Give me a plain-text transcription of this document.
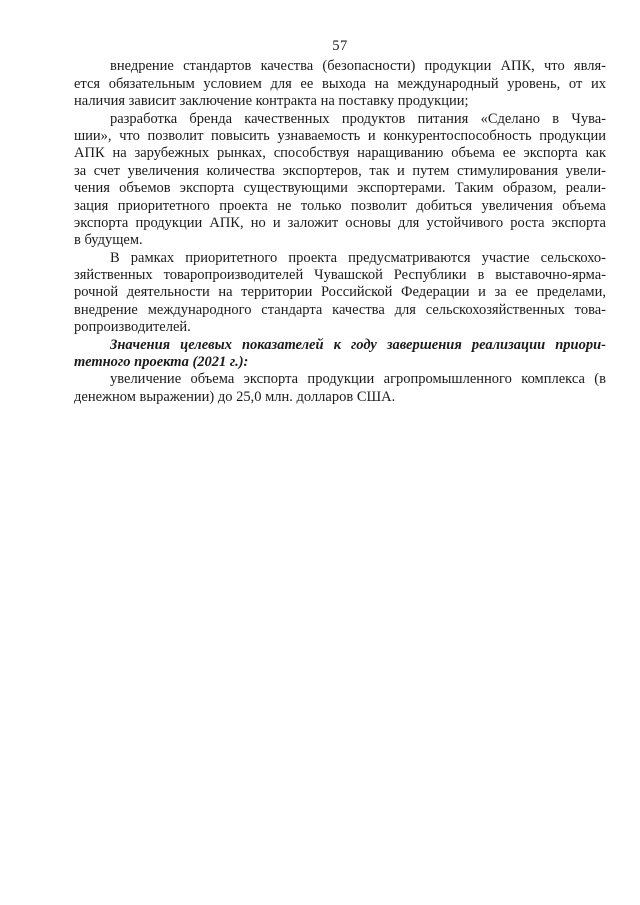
57
внедрение стандартов качества (безопасности) продукции АПК, что явля-
ется обязательным условием для ее выхода на международный уровень, от их
наличия зависит заключение контракта на поставку продукции;
разработка бренда качественных продуктов питания «Сделано в Чува-
шии», что позволит повысить узнаваемость и конкурентоспособность продукции
АПК на зарубежных рынках, способствуя наращиванию объема ее экспорта как
за счет увеличения количества экспортеров, так и путем стимулирования увели-
чения объемов экспорта существующими экспортерами. Таким образом, реали-
зация приоритетного проекта не только позволит добиться увеличения объема
экспорта продукции АПК, но и заложит основы для устойчивого роста экспорта
в будущем.
В рамках приоритетного проекта предусматриваются участие сельскохо-
зяйственных товаропроизводителей Чувашской Республики в выставочно-ярма-
рочной деятельности на территории Российской Федерации и за ее пределами,
внедрение международного стандарта качества для сельскохозяйственных това-
ропроизводителей.
Значения целевых показателей к году завершения реализации приори-
тетного проекта (2021 г.):
увеличение объема экспорта продукции агропромышленного комплекса (в
денежном выражении) до 25,0 млн. долларов США.
